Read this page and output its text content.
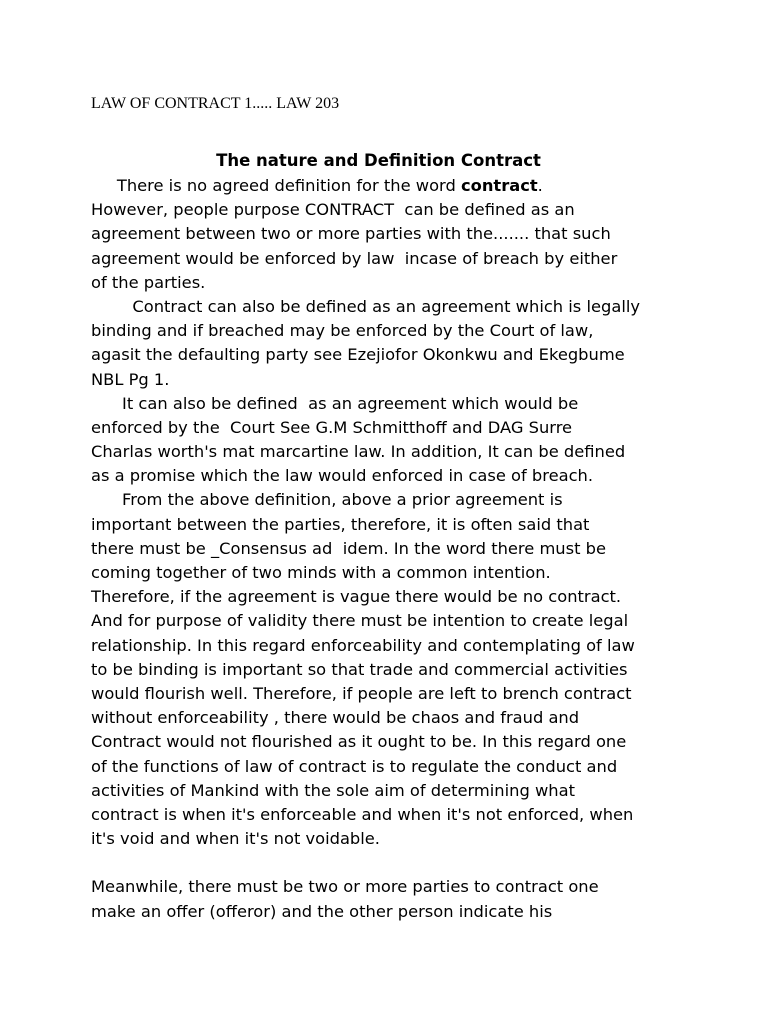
LAW OF CONTRACT 1..... LAW 203
The nature and Definition Contract
There is no agreed definition for the word contract.
However, people purpose CONTRACT  can be defined as an
agreement between two or more parties with the....... that such
agreement would be enforced by law  incase of breach by either
of the parties.
Contract can also be defined as an agreement which is legally
binding and if breached may be enforced by the Court of law,
agasit the defaulting party see Ezejiofor Okonkwu and Ekegbume
NBL Pg 1.
It can also be defined  as an agreement which would be
enforced by the  Court See G.M Schmitthoff and DAG Surre
Charlas worth's mat marcartine law. In addition, It can be defined
as a promise which the law would enforced in case of breach.
From the above definition, above a prior agreement is
important between the parties, therefore, it is often said that
there must be _Consensus ad  idem. In the word there must be
coming together of two minds with a common intention.
Therefore, if the agreement is vague there would be no contract.
And for purpose of validity there must be intention to create legal
relationship. In this regard enforceability and contemplating of law
to be binding is important so that trade and commercial activities
would flourish well. Therefore, if people are left to brench contract
without enforceability , there would be chaos and fraud and
Contract would not flourished as it ought to be. In this regard one
of the functions of law of contract is to regulate the conduct and
activities of Mankind with the sole aim of determining what
contract is when it's enforceable and when it's not enforced, when
it's void and when it's not voidable.
Meanwhile, there must be two or more parties to contract one
make an offer (offeror) and the other person indicate his
